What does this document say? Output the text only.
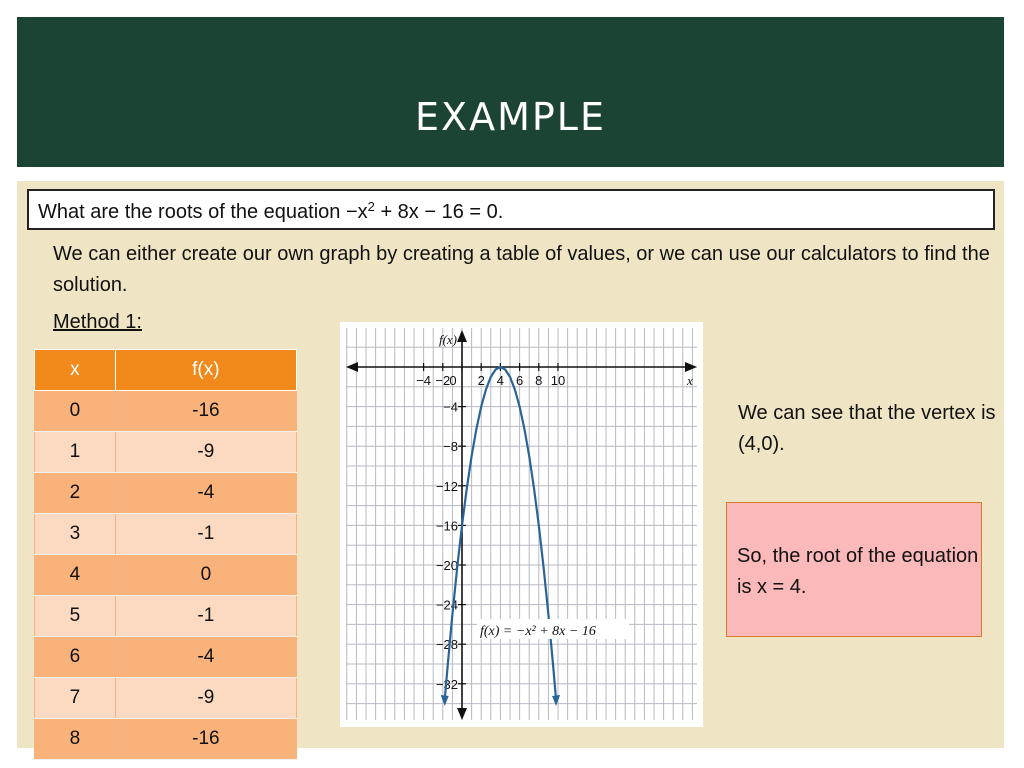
EXAMPLE
What are the roots of the equation $-x^2 + 8x - 16 = 0$.
We can either create our own graph by creating a table of values, or we can use our calculators to find the solution.
Method 1:
x	f(x)
0	-16
1	-9
2	-4
3	-1
4	0
5	-1
6	-4
7	-9
8	-16
−4 −2 0 2 4 6 8 10
−4
−8
−12
−16
−20
−24
−28
−32
f(x)
x
f(x) = −x² + 8x − 16
We can see that the vertex is (4,0).
So, the root of the equation is x = 4.
